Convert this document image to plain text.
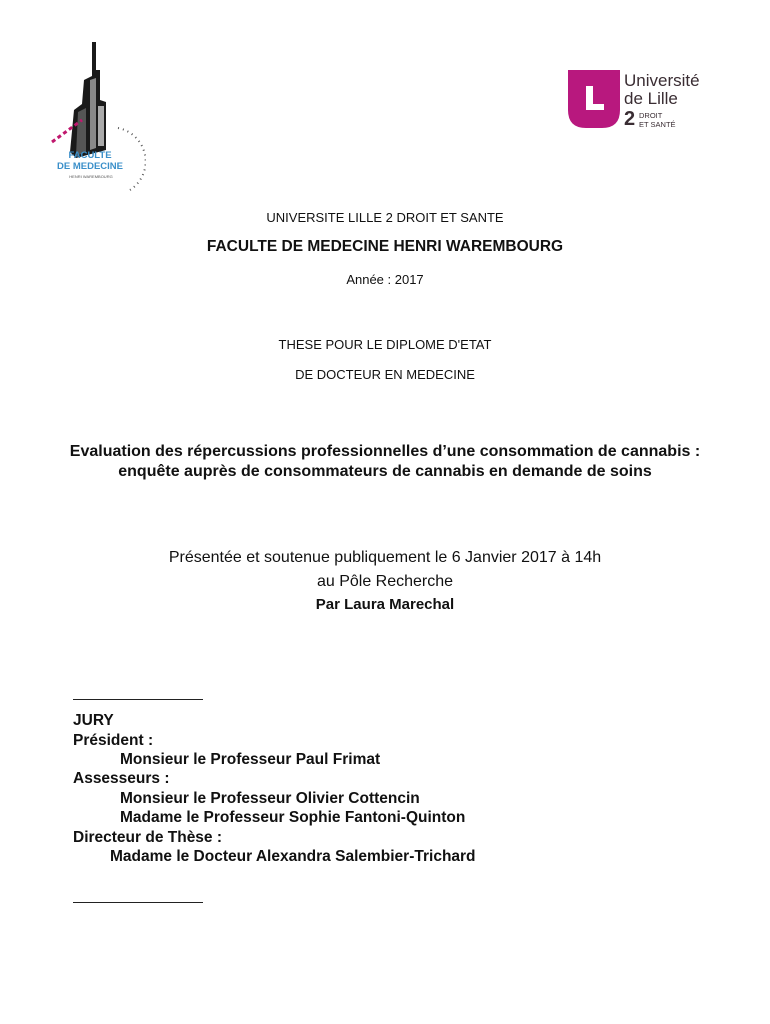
FACULTE
DE MEDECINE
HENRI WAREMBOURG
Université
de Lille
2 DROIT
ET SANTÉ
UNIVERSITE LILLE 2 DROIT ET SANTE
FACULTE DE MEDECINE HENRI WAREMBOURG
Année : 2017
THESE POUR LE DIPLOME D'ETAT
DE DOCTEUR EN MEDECINE
Evaluation des répercussions professionnelles d’une consommation de cannabis : enquête auprès de consommateurs de cannabis en demande de soins
Présentée et soutenue publiquement le 6 Janvier 2017 à 14h
au Pôle Recherche
Par Laura Marechal
JURY
Président :
Monsieur le Professeur Paul Frimat
Assesseurs :
Monsieur le Professeur Olivier Cottencin
Madame le Professeur Sophie Fantoni-Quinton
Directeur de Thèse :
Madame le Docteur Alexandra Salembier-Trichard
